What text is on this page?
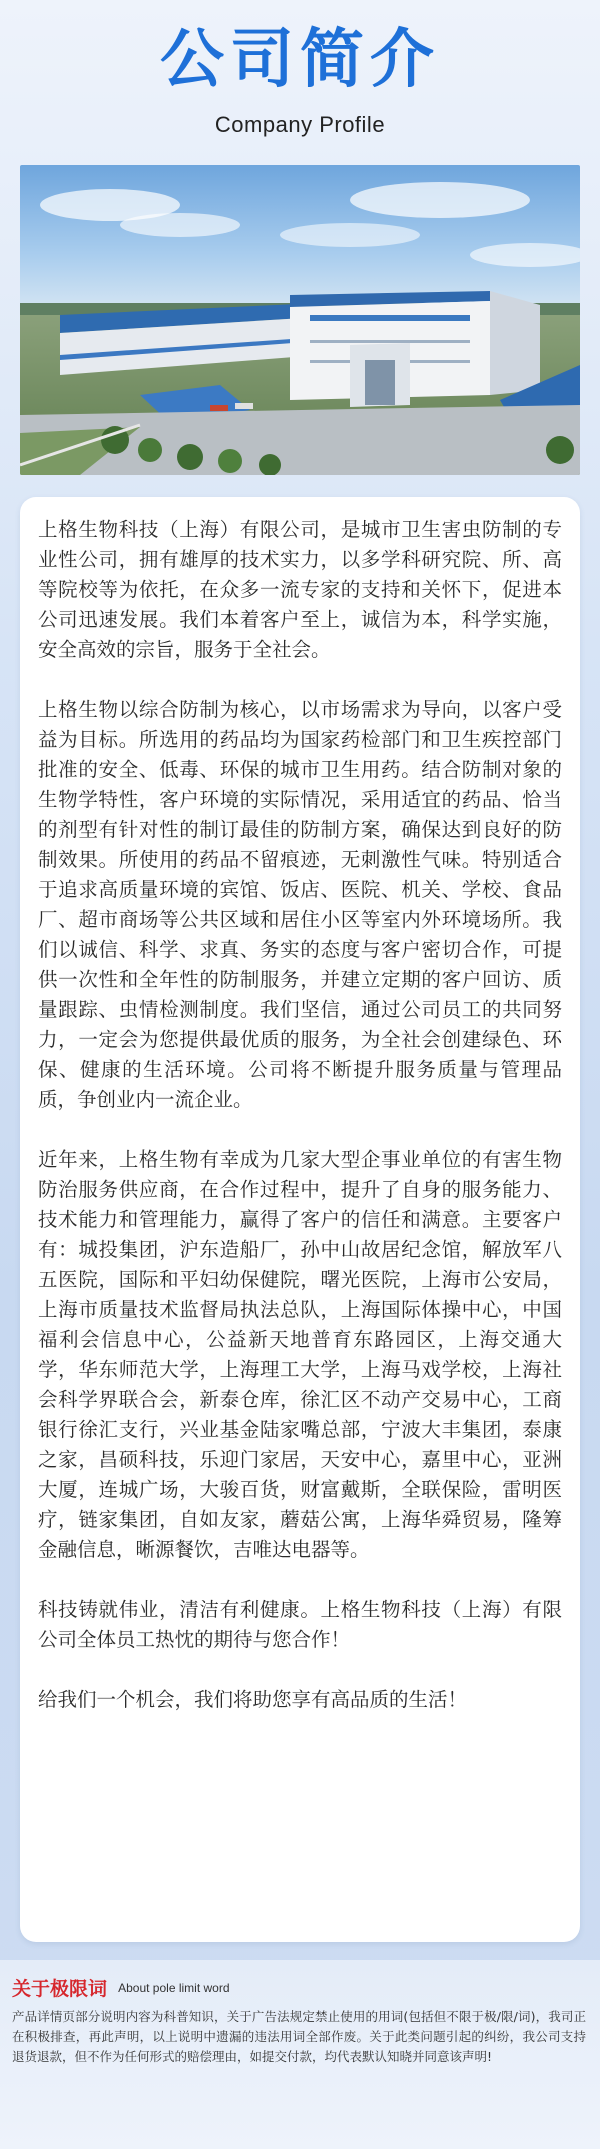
公司简介
Company Profile

上格生物科技（上海）有限公司，是城市卫生害虫防制的专业性公司，拥有雄厚的技术实力，以多学科研究院、所、高等院校等为依托，在众多一流专家的支持和关怀下，促进本 公司迅速发展。我们本着客户至上，诚信为本，科学实施，安全高效的宗旨，服务于全社会。

上格生物以综合防制为核心，以市场需求为导向，以客户受益为目标。所选用的药品均为国家药检部门和卫生疾控部门批准的安全、低毒、环保的城市卫生用药。结合防制对象的生物学特性，客户环境的实际情况，采用适宜的药品、恰当的剂型有针对性的制订最佳的防制方案，确保达到良好的防制效果。所使用的药品不留痕迹，无刺激性气味。特别适合于追求高质量环境的宾馆、饭店、医院、机关、学校、食品厂、超市商场等公共区域和居住小区等室内外环境场所。我们以诚信、科学、求真、务实的态度与客户密切合作，可提供一次性和全年性的防制服务，并建立定期的客户回访、质量跟踪、虫情检测制度。我们坚信，通过公司员工的共同努力，一定会为您提供最优质的服务，为全社会创建绿色、环保、健康的生活环境。公司将不断提升服务质量与管理品质，争创业内一流企业。

近年来，上格生物有幸成为几家大型企事业单位的有害生物防治服务供应商，在合作过程中，提升了自身的服务能力、技术能力和管理能力，赢得了客户的信任和满意。主要客户有：城投集团，沪东造船厂，孙中山故居纪念馆，解放军八五医院，国际和平妇幼保健院，曙光医院，上海市公安局，上海市质量技术监督局执法总队，上海国际体操中心，中国福利会信息中心，公益新天地普育东路园区，上海交通大学，华东师范大学，上海理工大学，上海马戏学校，上海社会科学界联合会，新泰仓库，徐汇区不动产交易中心，工商银行徐汇支行，兴业基金陆家嘴总部，宁波大丰集团，泰康之家，昌硕科技，乐迎门家居，天安中心，嘉里中心，亚洲大厦，连城广场，大骏百货，财富戴斯，全联保险，雷明医疗，链家集团，自如友家，蘑菇公寓，上海华舜贸易，隆筹金融信息，晰源餐饮，吉唯达电器等。

科技铸就伟业，清洁有利健康。上格生物科技（上海）有限公司全体员工热忱的期待与您合作！

给我们一个机会，我们将助您享有高品质的生活！

关于极限词 About pole limit word
产品详情页部分说明内容为科普知识，关于广告法规定禁止使用的用词(包括但不限于极/限/词)，我司正在积极排查，再此声明，以上说明中遗漏的违法用词全部作废。关于此类问题引起的纠纷，我公司支持退货退款，但不作为任何形式的赔偿理由，如提交付款，均代表默认知晓并同意该声明!
